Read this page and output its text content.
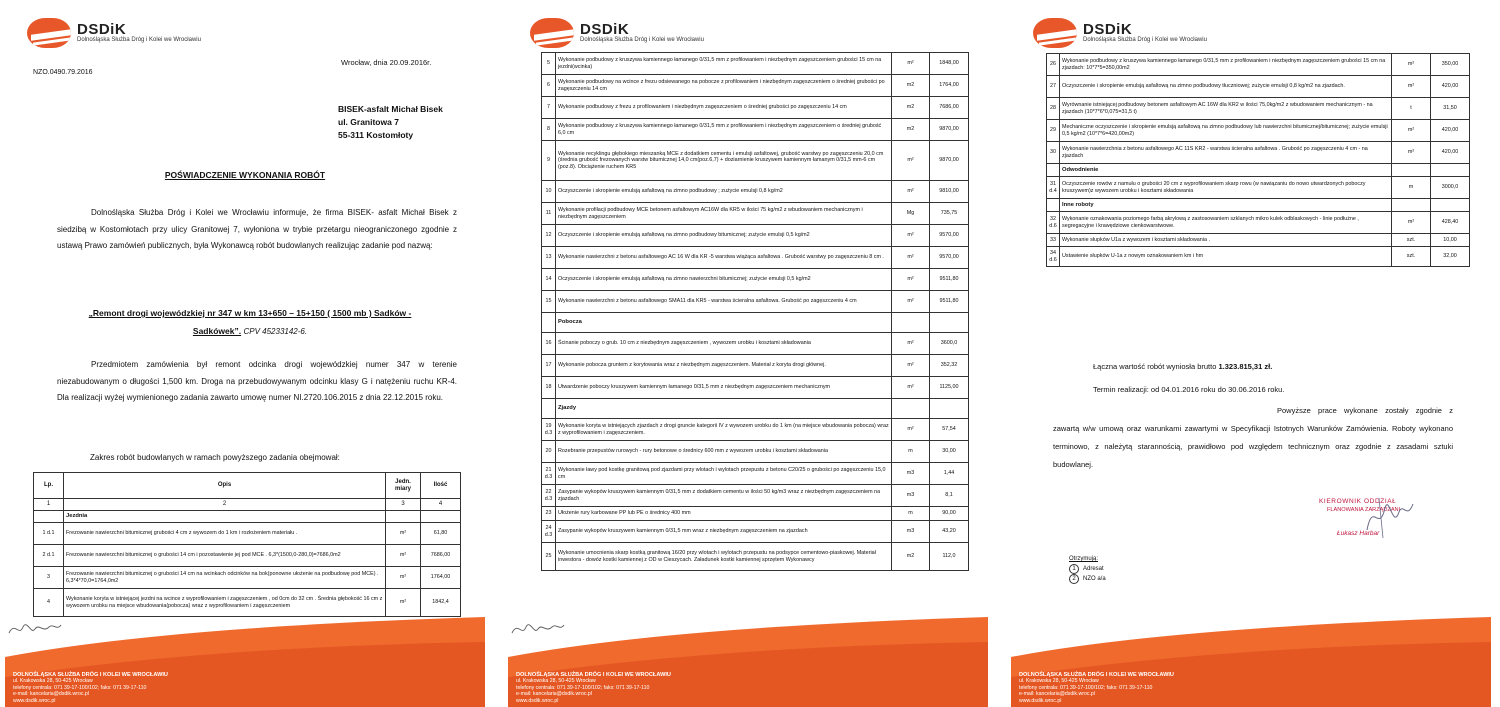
DSDiK
Dolnośląska Służba Dróg i Kolei we Wrocławiu
NZO.0490.79.2016
Wrocław, dnia 20.09.2016r.
BISEK-asfalt Michał Bisek
ul. Granitowa 7
55-311 Kostomłoty
POŚWIADCZENIE WYKONANIA ROBÓT
Dolnośląska Służba Dróg i Kolei we Wrocławiu informuje, że firma BISEK- asfalt Michał Bisek z siedzibą w Kostomłotach przy ulicy Granitowej 7, wyłoniona w trybie przetargu nieograniczonego zgodnie z ustawą Prawo zamówień publicznych, była Wykonawcą robót budowlanych realizując zadanie pod nazwą:
„Remont drogi wojewódzkiej nr 347 w km 13+650 – 15+150 ( 1500 mb ) Sadków -
Sadkówek”. CPV 45233142-6.
Przedmiotem zamówienia był remont odcinka drogi wojewódzkiej numer 347 w terenie niezabudowanym o długości 1,500 km. Droga na przebudowywanym odcinku klasy G i natężeniu ruchu KR-4. Dla realizacji wyżej wymienionego zadania zawarto umowę numer NI.2720.106.2015 z dnia 22.12.2015 roku.
Zakres robót budowlanych w ramach powyższego zadania obejmował:
Lp.	Opis	Jedn. miary	Ilość
1	2	3	4
	Jezdnia		
1 d.1	Frezowanie nawierzchni bitumicznej grubości 4 cm z wywozem do 1 km i rozłożeniem materiału .	m²	61,80
2 d.1	Frezowanie nawierzchni bitumicznej o grubości 14 cm i pozostawienie jej pod MCE . 6,3*(1500,0-280,0)=7686,0m2	m²	7686,00
3	Frezowanie nawierzchni bitumicznej o grubości 14 cm na wcinkach odcinków na bok(ponowne ułożenie na podbudowę pod MCE) . 6,3*4*70,0=1764,0m2	m²	1764,00
4	Wykonanie koryta w istniejącej jezdni na wcince z wyprofilowaniem i zagęszczeniem , od 0cm do 32 cm . Średnia głębokość 16 cm z wywozem urobku na miejsce wbudowania(pobocza) wraz z wyprofilowaniem i zagęszczeniem	m²	1842,4
DOLNOŚLĄSKA SŁUŻBA DRÓG I KOLEI WE WROCŁAWIU
ul. Krakowska 28, 50-425 Wrocław
telefony centrala: 071 39-17-100/102; faks: 071 39-17-110
e-mail: kancelaria@dsdik.wroc.pl
www.dsdik.wroc.pl
DSDiK
Dolnośląska Służba Dróg i Kolei we Wrocławiu
5	Wykonanie podbudowy z kruszywa kamiennego łamanego 0/31,5 mm z profilowaniem i niezbędnym zagęszczeniem grubości 15 cm na jezdni(wcinka)	m²	1848,00
6	Wykonanie podbudowy na wcince z frezu odsiewanego na pobocze z profilowaniem i niezbędnym zagęszczeniem o średniej grubości po zagęszczeniu 14 cm	m2	1764,00
7	Wykonanie podbudowy z frezu z profilowaniem i niezbędnym zagęszczeniem o średniej grubości po zagęszczeniu 14 cm	m2	7686,00
8	Wykonanie podbudowy z kruszywa kamiennego łamanego 0/31,5 mm z profilowaniem i niezbędnym zagęszczeniem o średniej grubość 6,0 cm	m2	9870,00
9	Wykonanie recyklingu głębokiego mieszanką MCE z dodatkiem cementu i emulsji asfaltowej, grubość warstwy po zagęszczeniu 20,0 cm (średnia grubość frezowanych warstw bitumicznej 14,0 cm(poz.6,7) + doziarnienie kruszywem kamiennym łamanym 0/31,5 mm-6 cm (poz.8). Obciążenie ruchem KR5	m²	9870,00
10	Oczyszczenie i skropienie emulsją asfaltową na zimno podbudowy ; zużycie emulsji 0,8 kg/m2	m²	9810,00
11	Wykonanie profilacji podbudowy MCE betonem asfaltowym AC16W dla KR5 w ilości 75 kg/m2 z wbudowaniem mechanicznym i niezbędnym zagęszczeniem	Mg	735,75
12	Oczyszczenie i skropienie emulsją asfaltową na zimno podbudowy bitumicznej; zużycie emulsji 0,5 kg/m2	m²	9570,00
13	Wykonanie nawierzchni z betonu asfaltowego AC 16 W dla KR -5 warstwa wiążąca asfaltowa . Grubość warstwy po zagęszczeniu 8 cm .	m²	9570,00
14	Oczyszczenie i skropienie emulsją asfaltową na zimno nawierzchni bitumicznej; zużycie emulsji 0,5 kg/m2	m²	9511,80
15	Wykonanie nawierzchni z betonu asfaltowego SMA11 dla KR5 - warstwa ścieralna asfaltowa. Grubość po zagęszczeniu 4 cm	m²	9511,80
	Pobocza		
16	Ścinanie poboczy o grub. 10 cm z niezbędnym zagęszczeniem , wywozem urobku i kosztami składowania	m²	3600,0
17	Wykonanie pobocza gruntem z korytowania wraz z niezbędnym zagęszczeniem. Materiał z koryta drogi głównej.	m²	352,32
18	Utwardzenie poboczy kruszywem kamiennym łamanego 0/31,5 mm z niezbędnym zagęszczeniem mechanicznym	m²	1125,00
	Zjazdy		
19 d.3	Wykonanie koryta w istniejących zjazdach z drogi gruncie kategorii IV z wywozem urobku do 1 km (na miejsce wbudowania pobocza) wraz z wyprofilowaniem i zagęszczeniem.	m²	57,54
20	Rozebranie przepustów rurowych - rury betonowe o średnicy 600 mm z wywozem urobku i kosztami składowania	m	30,00
21 d.3	Wykonanie ławy pod kostkę granitową pod zjazdami przy wlotach i wylotach przepustu z betonu C20/25 o grubości po zagęszczeniu 15,0 cm	m3	1,44
22 d.3	Zasypanie wykopów kruszywem kamiennym 0/31,5 mm z dodatkiem cementu w ilości 50 kg/m3 wraz z niezbędnym zagęszczeniem na zjazdach	m3	8,1
23	Ułożenie rury karbowane PP lub PE o średnicy 400 mm	m	90,00
24 d.3	Zasypanie wykopów kruszywem kamiennym 0/31,5 mm wraz z niezbędnym zagęszczeniem na zjazdach	m3	43,20
25	Wykonanie umocnienia skarp kostką granitową 16/20 przy wlotach i wylotach przepustu na podsypce cementowo-piaskowej. Materiał inwestora - dowóz kostki kamiennej z OD w Cieszycach. Załadunek kostki kamiennej sprzętem Wykonawcy	m2	112,0
DOLNOŚLĄSKA SŁUŻBA DRÓG I KOLEI WE WROCŁAWIU
ul. Krakowska 28, 50-425 Wrocław
telefony centrala: 071 39-17-100/102; faks: 071 39-17-110
e-mail: kancelaria@dsdik.wroc.pl
www.dsdik.wroc.pl
DSDiK
Dolnośląska Służba Dróg i Kolei we Wrocławiu
26	Wykonanie podbudowy z kruszywa kamiennego łamanego 0/31,5 mm z profilowaniem i niezbędnym zagęszczeniem grubości 15 cm na zjazdach: 10*7*5=350,00m2	m²	350,00
27	Oczyszczenie i skropienie emulsją asfaltową na zimno podbudowy tłuczniowej; zużycie emulsji 0,8 kg/m2 na zjazdach.	m²	420,00
28	Wyrównanie istniejącej podbudowy betonem asfaltowym AC 16W dla KR2 w ilości 75,0kg/m2 z wbudowaniem mechanicznym - na zjazdach (10*7*6*0,075=31,5 t)	t	31,50
29	Mechaniczne oczyszczenie i skropienie emulsją asfaltową na zimno podbudowy lub nawierzchni bitumicznej/bitumicznej; zużycie emulsji 0,5 kg/m2 (10*7*6=420,00m2)	m²	420,00
30	Wykonanie nawierzchnia z betonu asfaltowego AC 11S KR2 - warstwa ścieralna asfaltowa . Grubość po zagęszczeniu 4 cm - na zjazdach	m²	420,00
	Odwodnienie		
31 d.4	Oczyszczenie rowów z namułu o grubości 20 cm z wyprofilowaniem skarp rowu (w nawiązaniu do nowo utwardzonych poboczy kruszywem)z wywozem urobku i kosztami składowania	m	3000,0
	Inne roboty		
32 d.6	Wykonanie oznakowania poziomego farbą akrylową z zastosowaniem szklanych mikro kulek odblaskowych - linie podłużne , segregacyjne i krawędziowe cienkowarstwowe.	m²	428,40
33	Wykonanie słupków U1a z wywozem i kosztami składowania .	szt.	10,00
34 d.6	Ustawienie słupków U-1a z nowym oznakowaniem km i hm	szt.	32,00
Łączna wartość robót wyniosła brutto 1.323.815,31 zł.
Termin realizacji: od 04.01.2016 roku do 30.06.2016 roku.
Powyższe prace wykonane zostały zgodnie z zawartą w/w umową oraz warunkami zawartymi w Specyfikacji Istotnych Warunków Zamówienia. Roboty wykonano terminowo, z należytą starannością, prawidłowo pod względem technicznym oraz zgodnie z zasadami sztuki budowlanej.
KIEROWNIK ODDZIAŁ
FLANOWANIA ZARZĄDZANI
Łukasz Harbar
Otrzymują:
1 Adresat
2 NZO a/a
DOLNOŚLĄSKA SŁUŻBA DRÓG I KOLEI WE WROCŁAWIU
ul. Krakowska 28, 50-425 Wrocław
telefony centrala: 071 39-17-100/102; faks: 071 39-17-110
e-mail: kancelaria@dsdik.wroc.pl
www.dsdik.wroc.pl
